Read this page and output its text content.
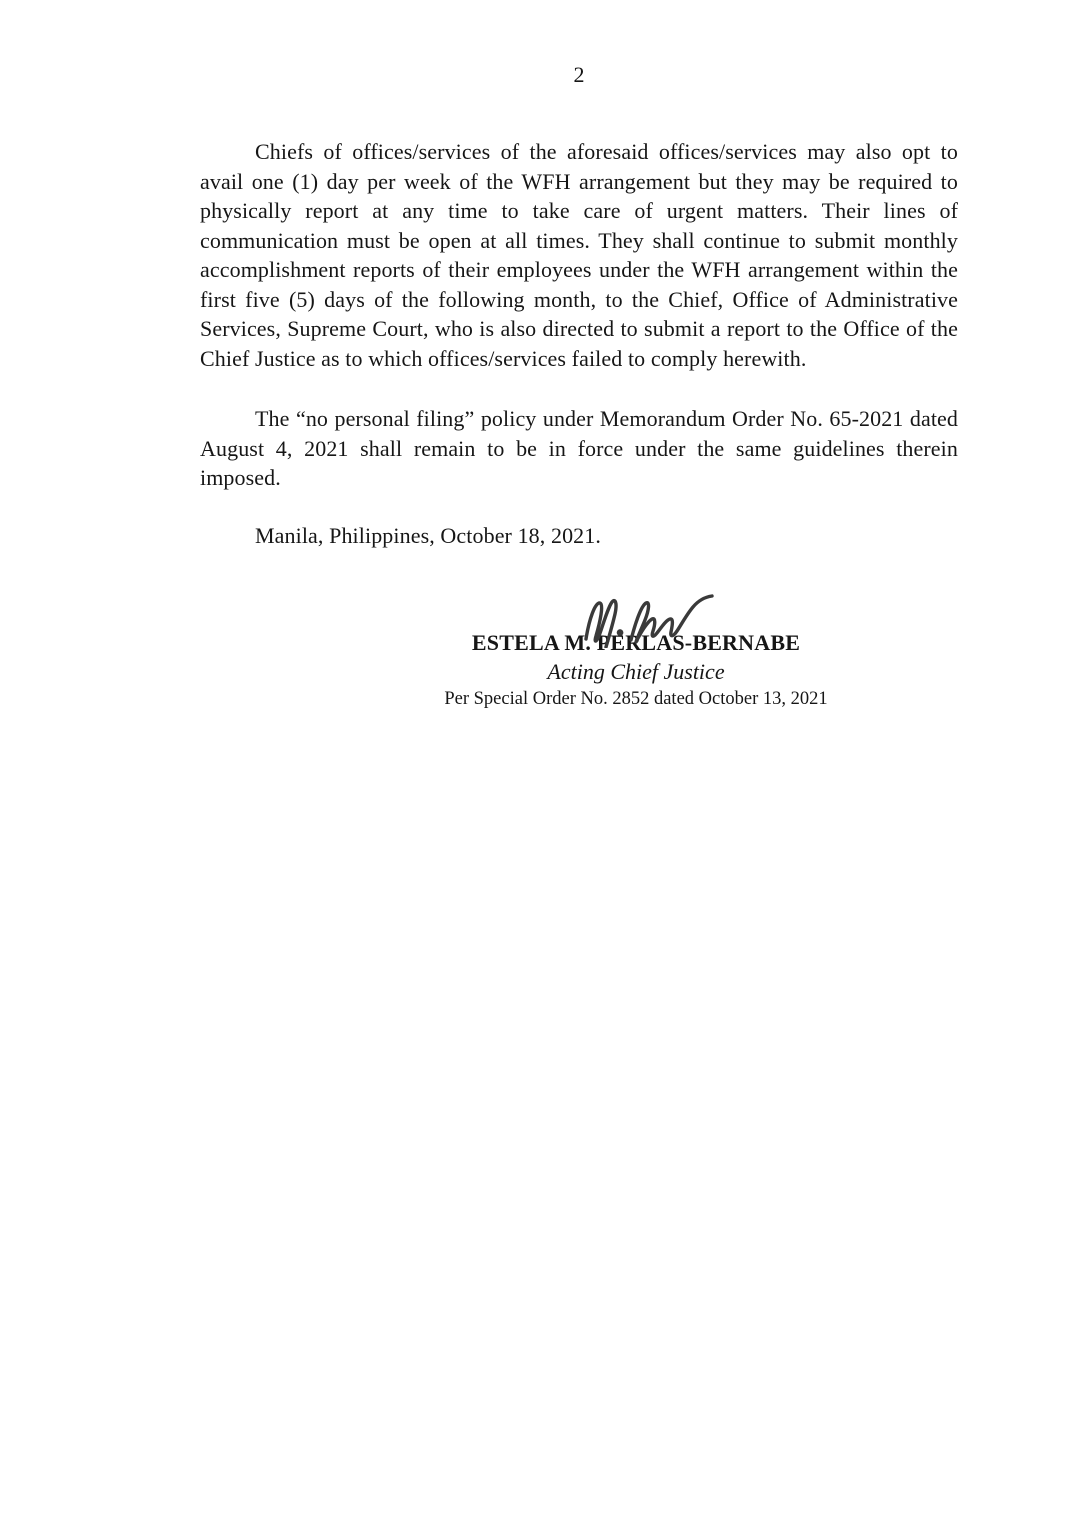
2

Chiefs of offices/services of the aforesaid offices/services may also opt to avail one (1) day per week of the WFH arrangement but they may be required to physically report at any time to take care of urgent matters. Their lines of communication must be open at all times. They shall continue to submit monthly accomplishment reports of their employees under the WFH arrangement within the first five (5) days of the following month, to the Chief, Office of Administrative Services, Supreme Court, who is also directed to submit a report to the Office of the Chief Justice as to which offices/services failed to comply herewith.

The “no personal filing” policy under Memorandum Order No. 65-2021 dated August 4, 2021 shall remain to be in force under the same guidelines therein imposed.

Manila, Philippines, October 18, 2021.

ESTELA M. PERLAS-BERNABE
Acting Chief Justice
Per Special Order No. 2852 dated October 13, 2021
